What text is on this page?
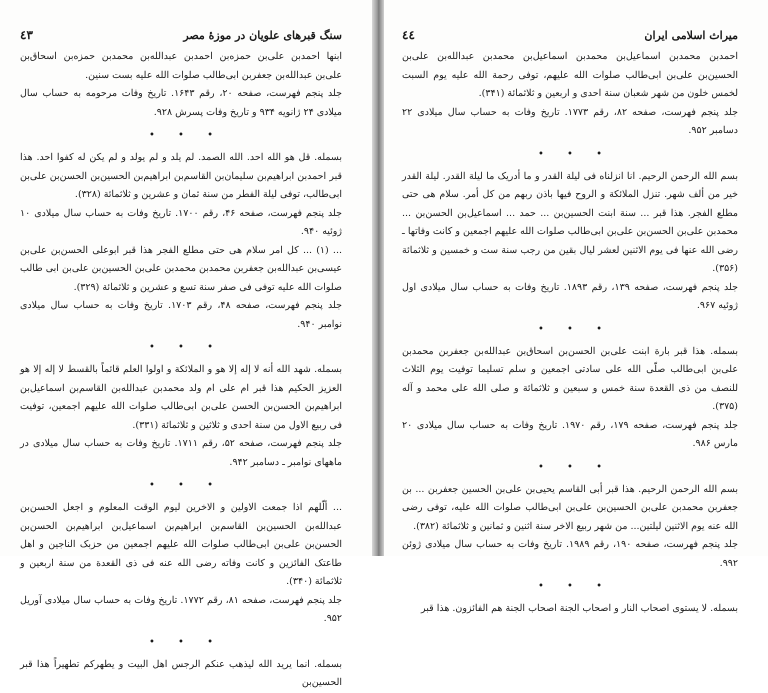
سنگ قبرهای علویان در موزهٔ مصر
٤٣

ابنها احمدبن علی‌بن حمزه‌بن احمدبن عبدالله‌بن محمدبن حمزه‌بن اسحاق‌بن علی‌بن عبدالله‌بن جعفربن ابی‌طالب صلوات الله علیه بست سنین.

جلد پنجم فهرست، صفحه ۲۰، رقم ۱۶۴۳. تاریخ وفات مرحومه به حساب سال میلادی ۲۴ ژانویه ۹۳۴ و تاریخ وفات پسرش ۹۲۸.

• • •

بسمله. قل هو الله احد. الله الصمد. لم یلد و لم یولد و لم یکن له کفوا احد. هذا قبر احمدبن ابراهیم‌بن سلیمان‌بن القاسم‌بن ابراهیم‌بن الحسین‌بن الحسن‌بن علی‌بن ابی‌طالب، توفی لیلة الفطر من سنة ثمان و عشرین و ثلاثمائة (۳۲۸).

جلد پنجم فهرست، صفحه ۴۶، رقم ۱۷۰۰. تاریخ وفات به حساب سال میلادی ۱۰ ژوئیه ۹۴۰.

... (۱) ... کل امر سلام هی حتی مطلع الفجر هذا قبر ابوعلی الحسن‌بن علی‌بن عیسی‌بن عبدالله‌بن جعفربن محمدبن محمدبن علی‌بن الحسین‌بن علی‌بن ابی طالب صلوات الله علیه توفی فی صفر سنة تسع و عشرین و ثلاثمائة (۳۲۹).

جلد پنجم فهرست، صفحه ۴۸، رقم ۱۷۰۳. تاریخ وفات به حساب سال میلادی نوامبر ۹۴۰.

• • •

بسمله. شهد الله أنه لا إله إلا هو و الملائکة و اولوا العلم قائماً بالقسط لا إله إلا هو العزیز الحکیم هذا قبر ام علی ام ولد محمدبن عبدالله‌بن القاسم‌بن اسماعیل‌بن ابراهیم‌بن الحسن‌بن الحسن علی‌بن ابی‌طالب صلوات الله علیهم اجمعین، توفیت فی ربیع الاول من سنة احدی و ثلاثین و ثلاثمائة (۳۳۱).

جلد پنجم فهرست، صفحه ۵۲، رقم ۱۷۱۱. تاریخ وفات به حساب سال میلادی در ماههای نوامبر ـ دسامبر ۹۴۲.

• • •

... ألّلهم اذا جمعت الاولین و الاخرین لیوم الوقت المعلوم و اجعل الحسن‌بن عبدالله‌بن الحسین‌بن القاسم‌بن ابراهیم‌بن اسماعیل‌بن ابراهیم‌بن الحسن‌بن الحسن‌بن علی‌بن ابی‌طالب صلوات الله علیهم اجمعین من حزبک الناجین و اهل طاعتک الفائزین و کانت وفاته رضی الله عنه فی ذی القعدة من سنة اربعین و ثلاثمائة (۳۴۰).

جلد پنجم فهرست، صفحه ۸۱، رقم ۱۷۷۲. تاریخ وفات به حساب سال میلادی آوریل ۹۵۲.

• • •

بسمله. انما یرید الله لیذهب عنکم الرجس اهل البیت و یطهرکم تطهیراً هذا قبر الحسین‌بن

میراث اسلامی ایران
٤٤

احمدبن محمدبن اسماعیل‌بن محمدبن اسماعیل‌بن محمدبن عبدالله‌بن علی‌بن الحسین‌بن علی‌بن ابی‌طالب صلوات الله علیهم، توفی رحمة الله علیه یوم السبت لخمس خلون من شهر شعبان سنة احدی و اربعین و ثلاثمائة (۳۴۱).

جلد پنجم فهرست، صفحه ۸۲، رقم ۱۷۷۳. تاریخ وفات به حساب سال میلادی ۲۲ دسامبر ۹۵۲.

• • •

بسم الله الرحمن الرحیم. انا انزلناه فی لیلة القدر و ما أدریک ما لیلة القدر. لیلة القدر خیر من ألف شهر. تنزل الملائکة و الروح فیها باذن ربهم من کل أمر. سلام هی حتی مطلع الفجر. هذا قبر ... سنة ابنت الحسین‌بن ... حمد ... اسماعیل‌بن الحسن‌بن ... محمدبن علی‌بن الحسن‌بن علی‌بن ابی‌طالب صلوات الله علیهم اجمعین و کانت وفاتها ـ رضی الله عنها فی یوم الاثنین لعشر لیال بقین من رجب سنة ست و خمسین و ثلاثمائة (۳۵۶).

جلد پنجم فهرست، صفحه ۱۳۹، رقم ۱۸۹۳. تاریخ وفات به حساب سال میلادی اول ژوئیه ۹۶۷.

• • •

بسمله. هذا قبر بارة ابنت علی‌بن الحسن‌بن اسحاق‌بن عبدالله‌بن جعفربن محمدبن علی‌بن ابی‌طالب صلّی الله علی سادتی اجمعین و سلم تسلیما توفیت یوم الثلاث للنصف من ذی القعدة سنة خمس و سبعین و ثلاثمائة و صلی الله علی محمد و آله (۳۷۵).

جلد پنجم فهرست، صفحه ۱۷۹، رقم ۱۹۷۰. تاریخ وفات به حساب سال میلادی ۲۰ مارس ۹۸۶.

• • •

بسم الله الرحمن الرحیم. هذا قبر أبی القاسم یحیی‌بن علی‌بن الحسین جعفربن ... بن جعفربن محمدبن علی‌بن الحسین‌بن علی‌بن ابی‌طالب صلوات الله علیه، توفی رضی الله عنه یوم الاثنین لیلتین... من شهر ربیع الاخر سنة اثنین و ثمانین و ثلاثمائة (۳۸۲).

جلد پنجم فهرست، صفحه ۱۹۰، رقم ۱۹۸۹. تاریخ وفات به حساب سال میلادی ژوئن ۹۹۲.

• • •

بسمله. لا یستوی اصحاب النار و اصحاب الجنة اصحاب الجنة هم الفائزون. هذا قبر
